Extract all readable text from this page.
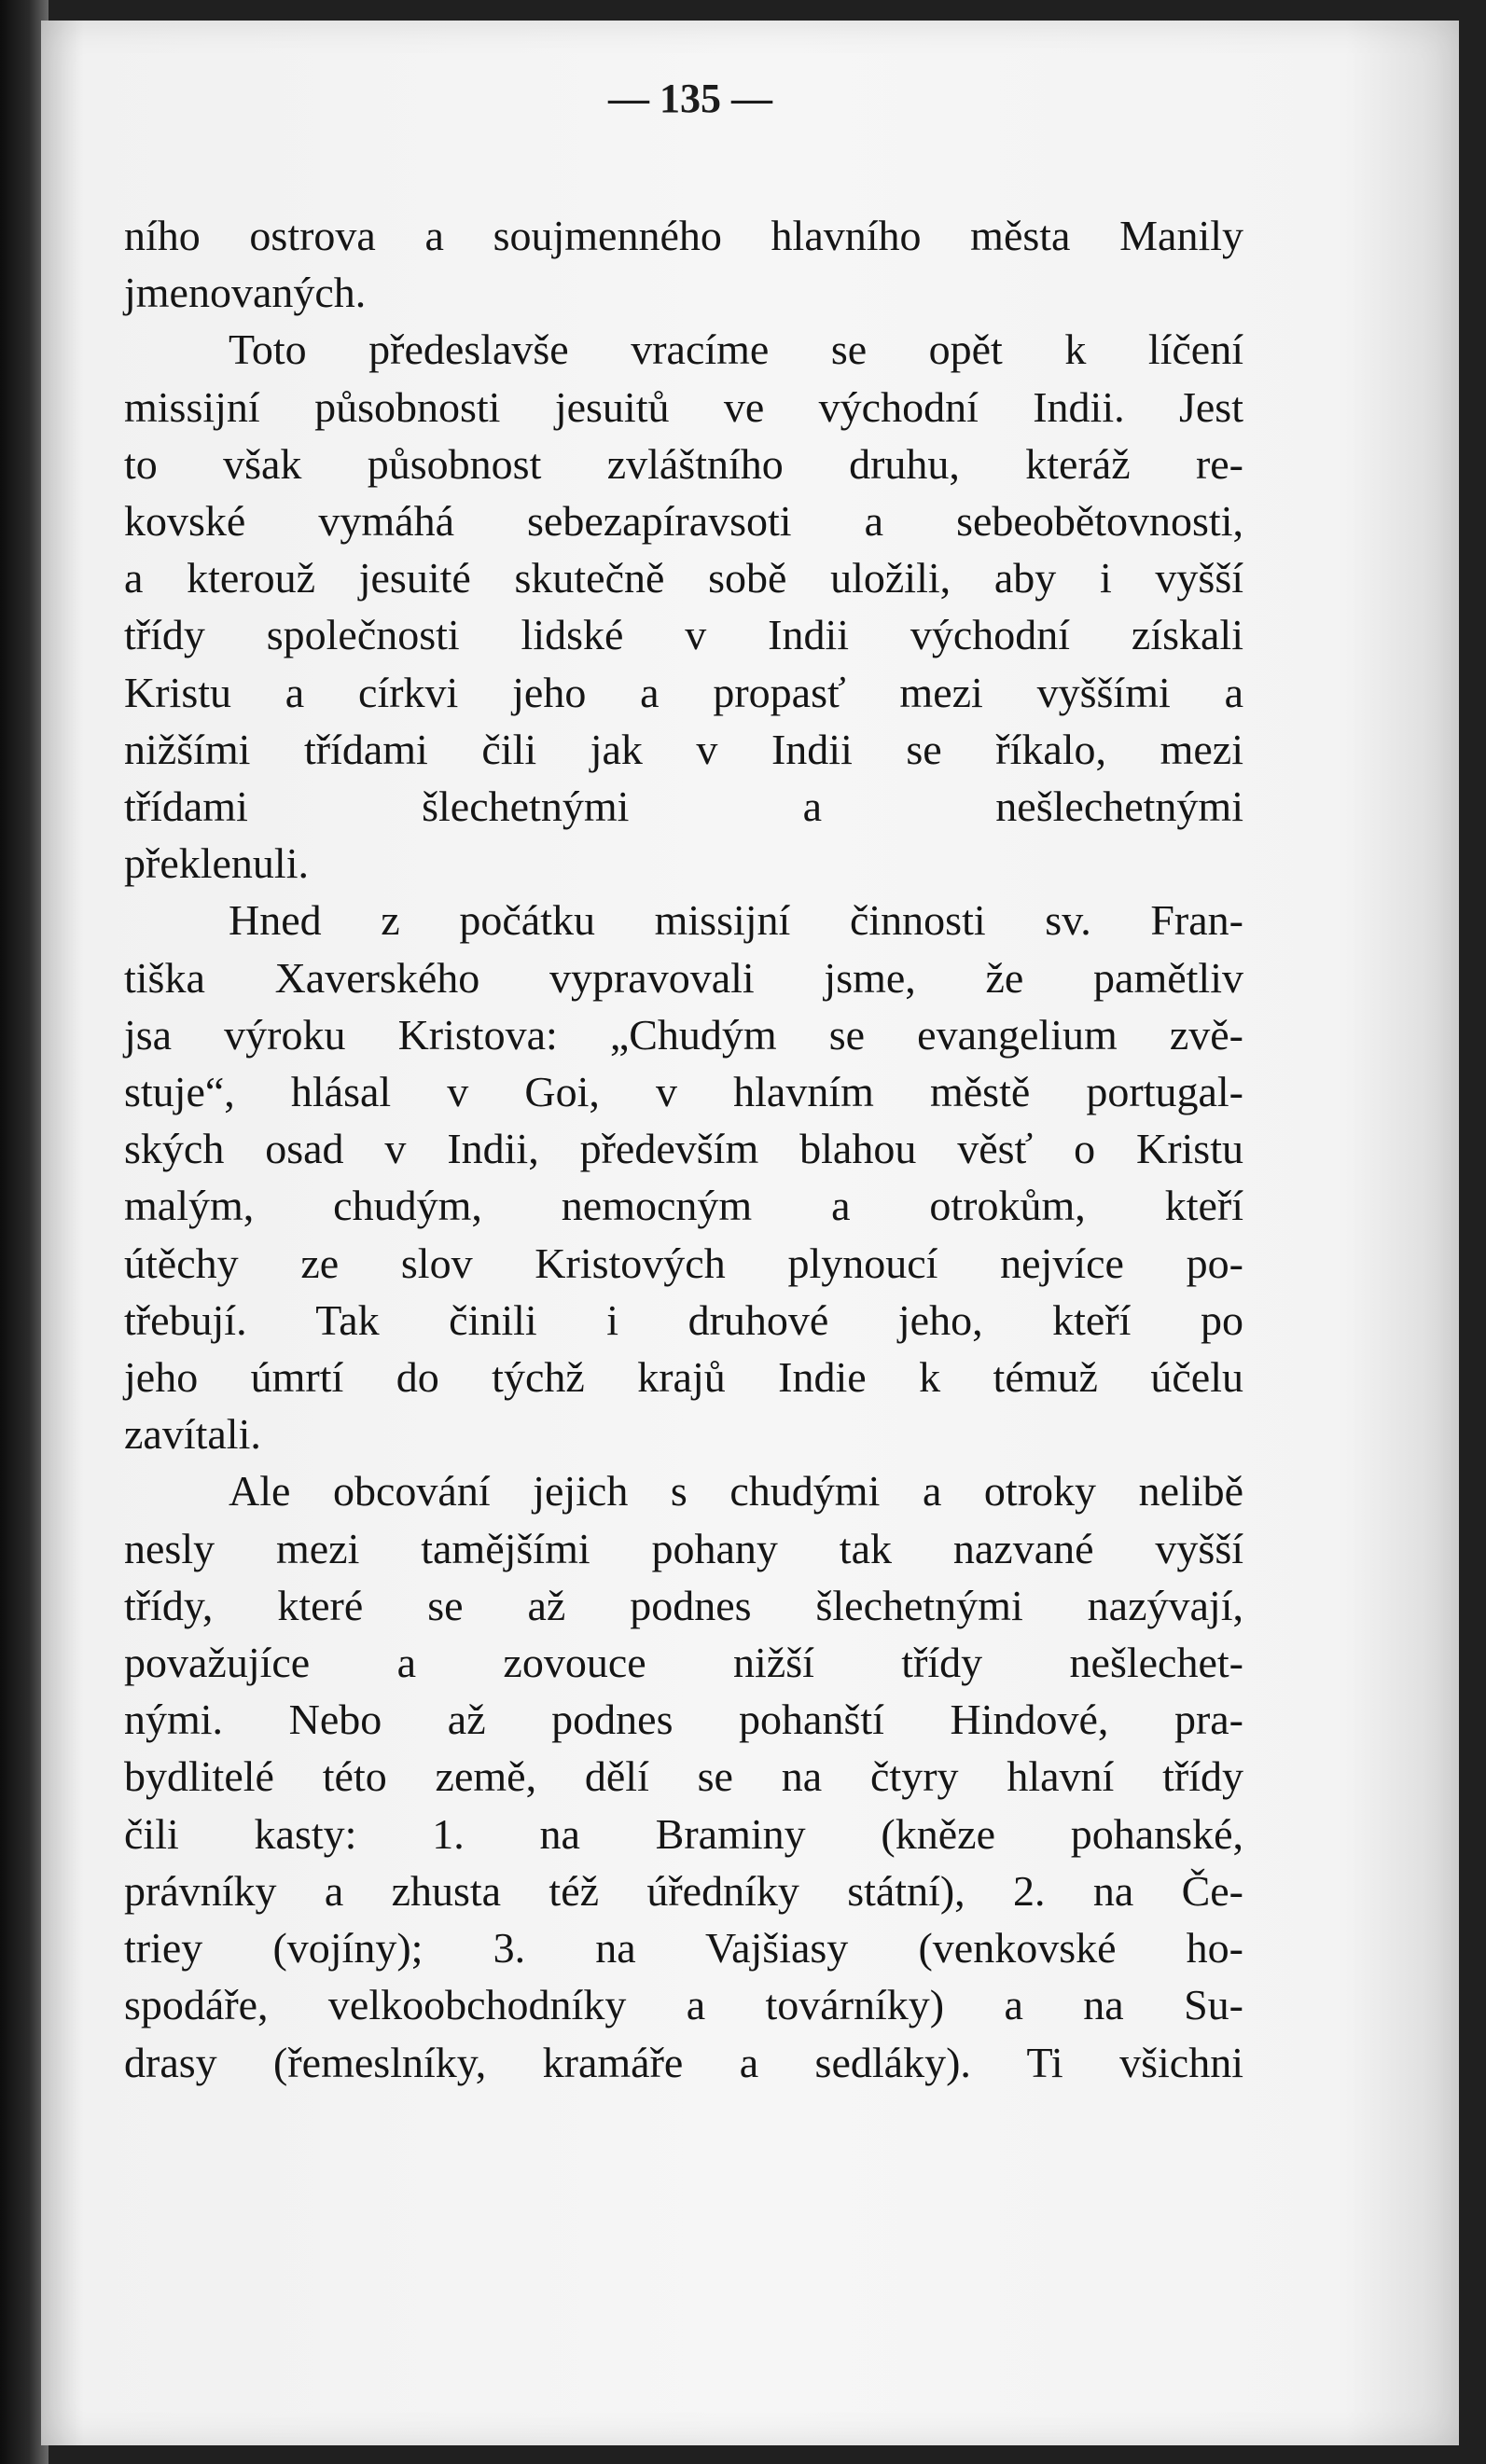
— 135 —
ního ostrova a soujmenného hlavního města Manily
jmenovaných.
Toto předeslavše vracíme se opět k líčení
missijní působnosti jesuitů ve východní Indii. Jest
to však působnost zvláštního druhu, kteráž re-
kovské vymáhá sebezapíravsoti a sebeobětovnosti,
a kterouž jesuité skutečně sobě uložili, aby i vyšší
třídy společnosti lidské v Indii východní získali
Kristu a církvi jeho a propasť mezi vyššími a
nižšími třídami čili jak v Indii se říkalo, mezi
třídami šlechetnými a nešlechetnými
překlenuli.
Hned z počátku missijní činnosti sv. Fran-
tiška Xaverského vypravovali jsme, že pamětliv
jsa výroku Kristova: „Chudým se evangelium zvě-
stuje“, hlásal v Goi, v hlavním městě portugal-
ských osad v Indii, především blahou věsť o Kristu
malým, chudým, nemocným a otrokům, kteří
útěchy ze slov Kristových plynoucí nejvíce po-
třebují. Tak činili i druhové jeho, kteří po
jeho úmrtí do týchž krajů Indie k témuž účelu
zavítali.
Ale obcování jejich s chudými a otroky nelibě
nesly mezi tamějšími pohany tak nazvané vyšší
třídy, které se až podnes šlechetnými nazývají,
považujíce a zovouce nižší třídy nešlechet-
nými. Nebo až podnes pohanští Hindové, pra-
bydlitelé této země, dělí se na čtyry hlavní třídy
čili kasty: 1. na Braminy (kněze pohanské,
právníky a zhusta též úředníky státní), 2. na Če-
triey (vojíny); 3. na Vajšiasy (venkovské ho-
spodáře, velkoobchodníky a továrníky) a na Su-
drasy (řemeslníky, kramáře a sedláky). Ti všichni
